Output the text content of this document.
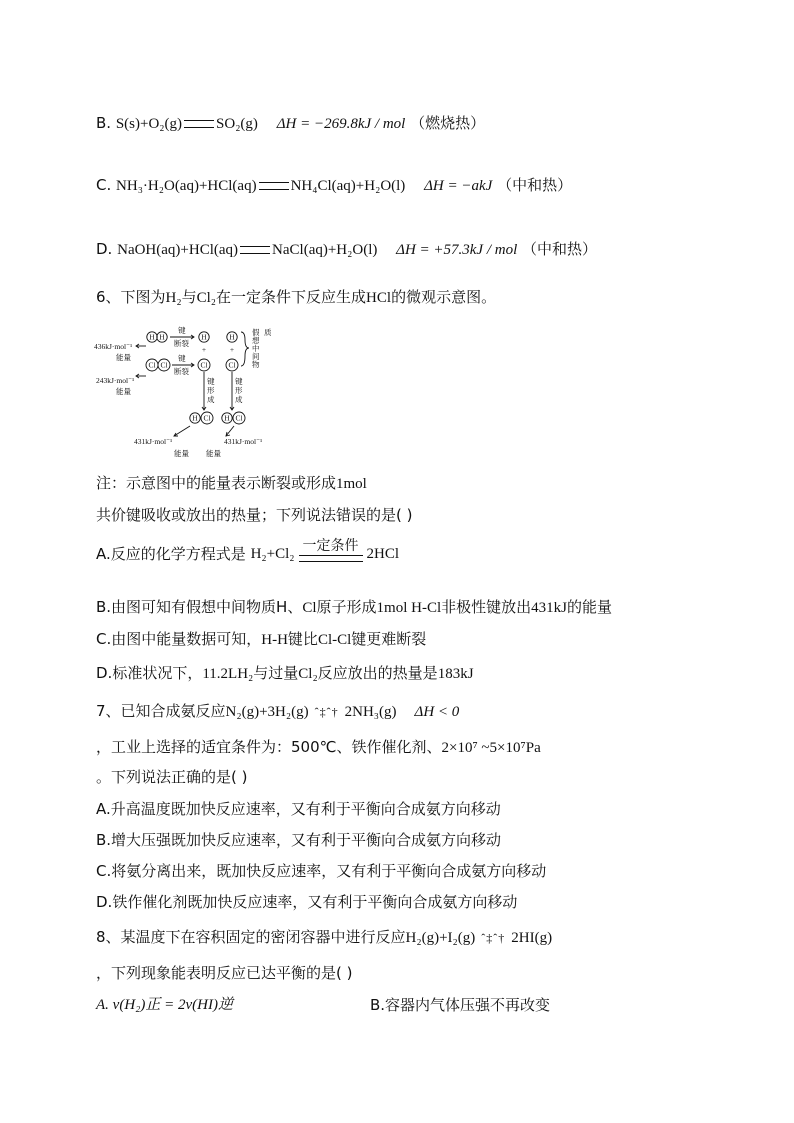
B. S(s)+O₂(g) SO₂(g) ΔH = −269.8kJ / mol （燃烧热）
C. NH₃·H₂O(aq)+HCl(aq) NH₄Cl(aq)+H₂O(l) ΔH = −akJ （中和热）
D. NaOH(aq)+HCl(aq) NaCl(aq)+H₂O(l) ΔH = +57.3kJ / mol （中和热）
6、下图为H₂与Cl₂在一定条件下反应生成HCl的微观示意图。
H H
Cl Cl
H
Cl
H
Cl
+	+
H Cl H Cl
键
断裂
键
断裂
436kJ·mol⁻¹
能量
243kJ·mol⁻¹
能量
键
形
成
键
形
成
假
想
中
间
物
质
431kJ·mol⁻¹	431kJ·mol⁻¹
能量 能量
注：示意图中的能量表示断裂或形成1mol
共价键吸收或放出的热量；下列说法错误的是( )
A.反应的化学方程式是 H₂+Cl₂ 一定条件 2HCl
B.由图可知有假想中间物质H、Cl原子形成1mol H-Cl非极性键放出431kJ的能量
C.由图中能量数据可知，H-H键比Cl-Cl键更难断裂
D.标准状况下，11.2LH₂与过量Cl₂反应放出的热量是183kJ
7、已知合成氨反应N₂(g)+3H₂(g) ˆ‡ˆ† 2NH₃(g) ΔH < 0
，工业上选择的适宜条件为：500℃、铁作催化剂、2×10⁷ ~5×10⁷Pa
。下列说法正确的是( )
A.升高温度既加快反应速率，又有利于平衡向合成氨方向移动
B.增大压强既加快反应速率，又有利于平衡向合成氨方向移动
C.将氨分离出来，既加快反应速率，又有利于平衡向合成氨方向移动
D.铁作催化剂既加快反应速率，又有利于平衡向合成氨方向移动
8、某温度下在容积固定的密闭容器中进行反应H₂(g)+I₂(g) ˆ‡ˆ† 2HI(g)
，下列现象能表明反应已达平衡的是( )
A. v(H₂)正 = 2v(HI)逆	B.容器内气体压强不再改变
